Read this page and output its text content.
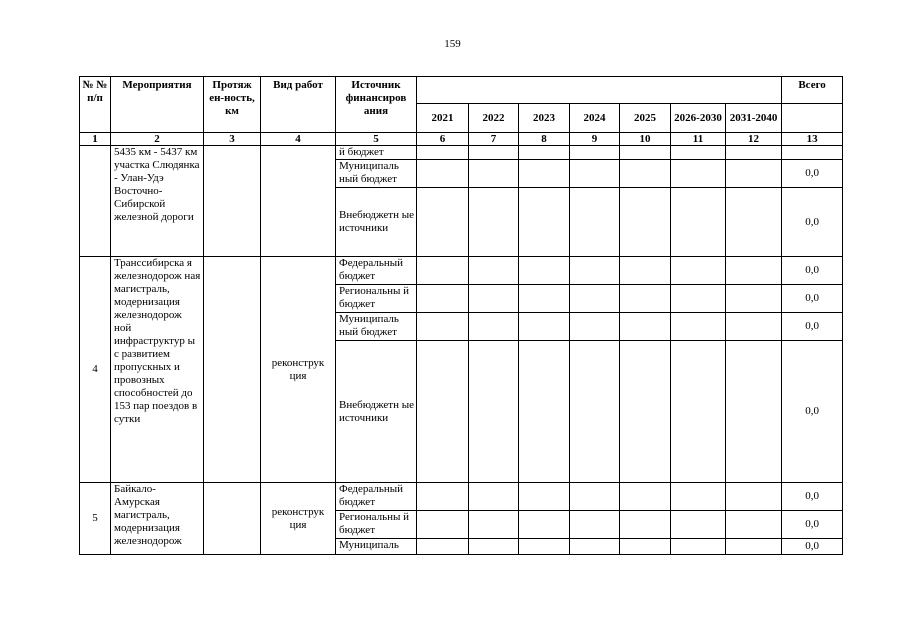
159
№ № п/п	Мероприятия	Протяж ен-ность, км	Вид работ	Источник финансиров ания								Всего
					2021	2022	2023	2024	2025	2026-2030	2031-2040	
1	2	3	4	5	6	7	8	9	10	11	12	13
	5435 км - 5437 км участка Слюдянка - Улан-Удэ Восточно-Сибирской железной дороги			й бюджет								
				Муниципаль ный бюджет								0,0
				Внебюджетн ые источники								0,0
4	Транссибирска я железнодорож ная магистраль, модернизация железнодорож ной инфраструктур ы с развитием пропускных и провозных способностей до 153 пар поездов в сутки		реконструк ция	Федеральный бюджет								0,0
				Региональны й бюджет								0,0
				Муниципаль ный бюджет								0,0
				Внебюджетн ые источники								0,0
5	Байкало-Амурская магистраль, модернизация железнодорож		реконструк ция	Федеральный бюджет								0,0
				Региональны й бюджет								0,0
				Муниципаль								0,0
